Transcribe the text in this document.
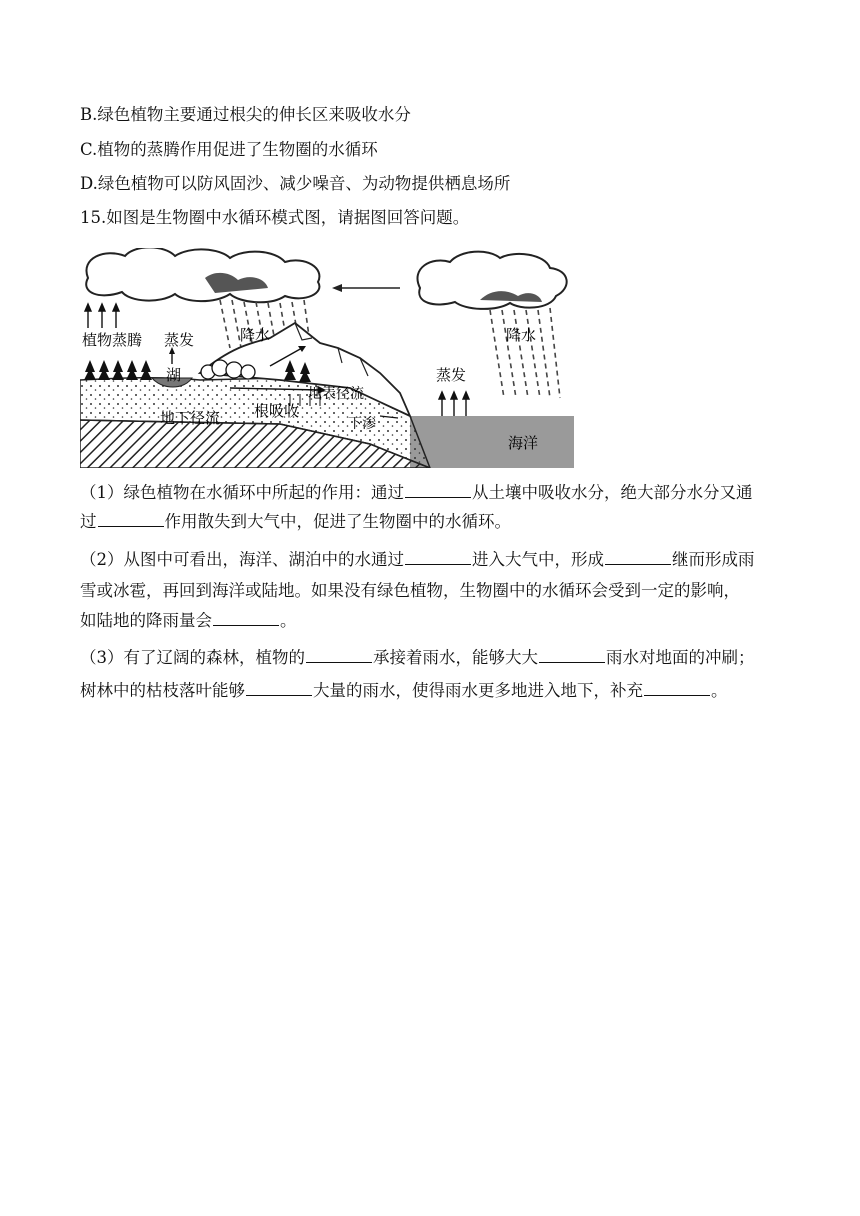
B.绿色植物主要通过根尖的伸长区来吸收水分
C.植物的蒸腾作用促进了生物圈的水循环
D.绿色植物可以防风固沙、减少噪音、为动物提供栖息场所
15.如图是生物圈中水循环模式图，请据图回答问题。
植物蒸腾 蒸发	降水
湖
地表径流
地下径流 根吸收
下渗
蒸发
降水
海洋
（1）绿色植物在水循环中所起的作用：通过	从土壤中吸收水分，绝大部分水分又通
过	作用散失到大气中，促进了生物圈中的水循环。
（2）从图中可看出，海洋、湖泊中的水通过	进入大气中，形成	继而形成雨
雪或冰雹，再回到海洋或陆地。如果没有绿色植物，生物圈中的水循环会受到一定的影响，
如陆地的降雨量会	。
（3）有了辽阔的森林，植物的	承接着雨水，能够大大	雨水对地面的冲刷；
树林中的枯枝落叶能够	大量的雨水，使得雨水更多地进入地下，补充	。
